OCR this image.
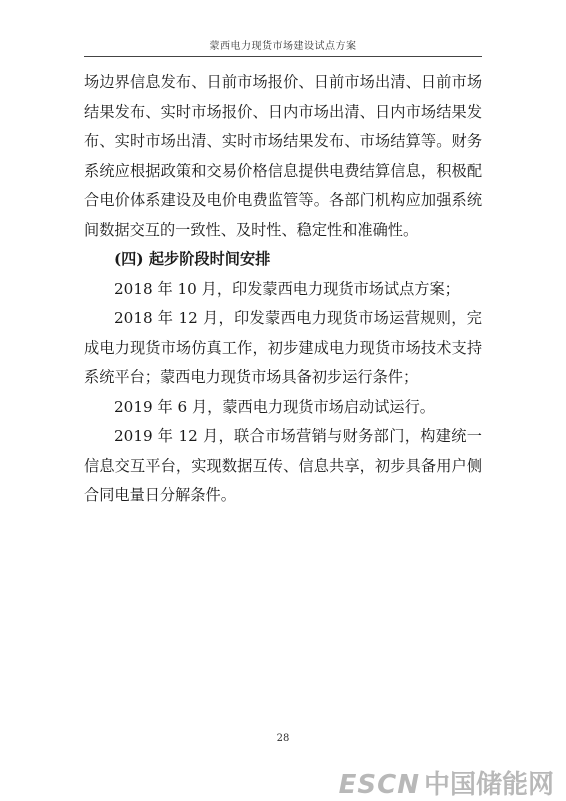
蒙西电力现货市场建设试点方案

场边界信息发布、日前市场报价、日前市场出清、日前市场结果发布、实时市场报价、日内市场出清、日内市场结果发布、实时市场出清、实时市场结果发布、市场结算等。财务系统应根据政策和交易价格信息提供电费结算信息，积极配合电价体系建设及电价电费监管等。各部门机构应加强系统间数据交互的一致性、及时性、稳定性和准确性。

(四) 起步阶段时间安排

2018 年 10 月，印发蒙西电力现货市场试点方案；

2018 年 12 月，印发蒙西电力现货市场运营规则，完成电力现货市场仿真工作，初步建成电力现货市场技术支持系统平台；蒙西电力现货市场具备初步运行条件；

2019 年 6 月，蒙西电力现货市场启动试运行。

2019 年 12 月，联合市场营销与财务部门，构建统一信息交互平台，实现数据互传、信息共享，初步具备用户侧合同电量日分解条件。

28
ESCN 中国储能网
